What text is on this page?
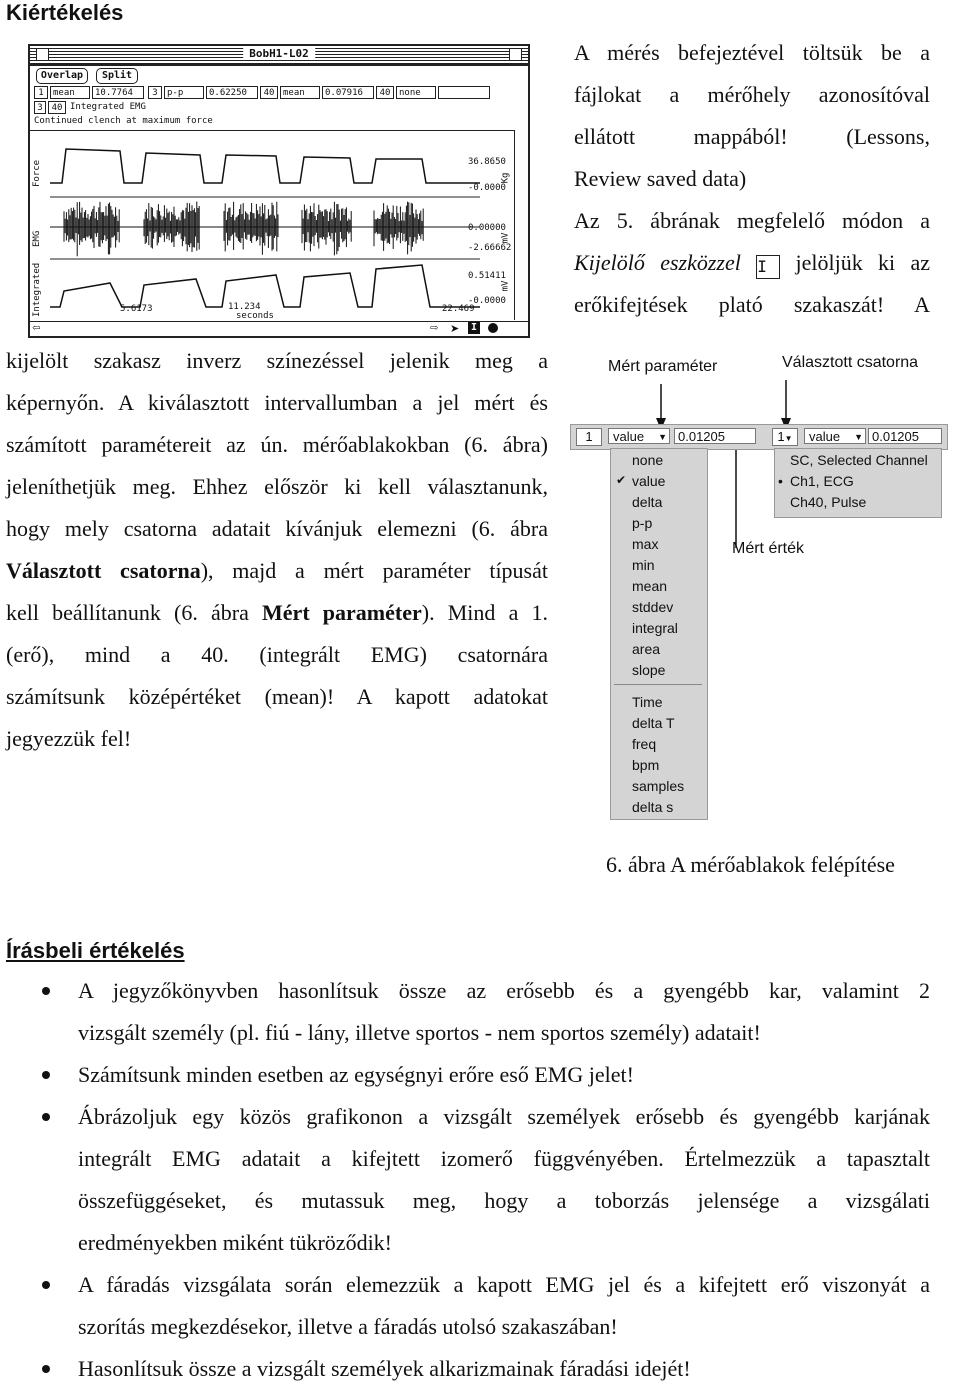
Kiértékelés
BobH1-L02
Overlap	Split
1	mean	10.7764	3	p-p	0.62250	40 mean	0.07916	40 none
3 40 Integrated EMG
Continued clench at maximum force
Force
EMG
Integrated
36.8650
-0.0000
0.00000
-2.66662
0.51411
-0.0000
Kg
mV
mV
5.6173	11.234
seconds
22.469
⇦	⇨ ➤ I
A mérés befejeztével töltsük be a
fájlokat a mérőhely azonosítóval
ellátott mappából! (Lessons,
Review saved data)
Az 5. ábrának megfelelő módon a
Kijelölő eszközzel I jelöljük ki az
erőkifejtések plató szakaszát! A
kijelölt szakasz inverz színezéssel jelenik meg a
képernyőn. A kiválasztott intervallumban a jel mért és
számított paramétereit az ún. mérőablakokban (6. ábra)
jeleníthetjük meg. Ehhez először ki kell választanunk,
hogy mely csatorna adatait kívánjuk elemezni (6. ábra
Választott csatorna), majd a mért paraméter típusát
kell beállítanunk (6. ábra Mért paraméter). Mind a 1.
(erő), mind a 40. (integrált EMG) csatornára
számítsunk középértéket (mean)! A kapott adatokat
jegyezzük fel!
Mért paraméter	Választott csatorna
1	value ▼ 0.01205	1▼	value ▼ 0.01205
Mért érték
none
value
✔
delta
p-p
max
min
mean
stddev
integral
area
slope
Time
delta T
freq
bpm
samples
delta s
SC, Selected Channel
Ch1, ECG
•
Ch40, Pulse
6. ábra A mérőablakok felépítése
Írásbeli értékelés
A jegyzőkönyvben hasonlítsuk össze az erősebb és a gyengébb kar, valamint 2
vizsgált személy (pl. fiú - lány, illetve sportos - nem sportos személy) adatait!
Számítsunk minden esetben az egységnyi erőre eső EMG jelet!
Ábrázoljuk egy közös grafikonon a vizsgált személyek erősebb és gyengébb karjának
integrált EMG adatait a kifejtett izomerő függvényében. Értelmezzük a tapasztalt
összefüggéseket, és mutassuk meg, hogy a toborzás jelensége a vizsgálati
eredményekben miként tükröződik!
A fáradás vizsgálata során elemezzük a kapott EMG jel és a kifejtett erő viszonyát a
szorítás megkezdésekor, illetve a fáradás utolsó szakaszában!
Hasonlítsuk össze a vizsgált személyek alkarizmainak fáradási idejét!
